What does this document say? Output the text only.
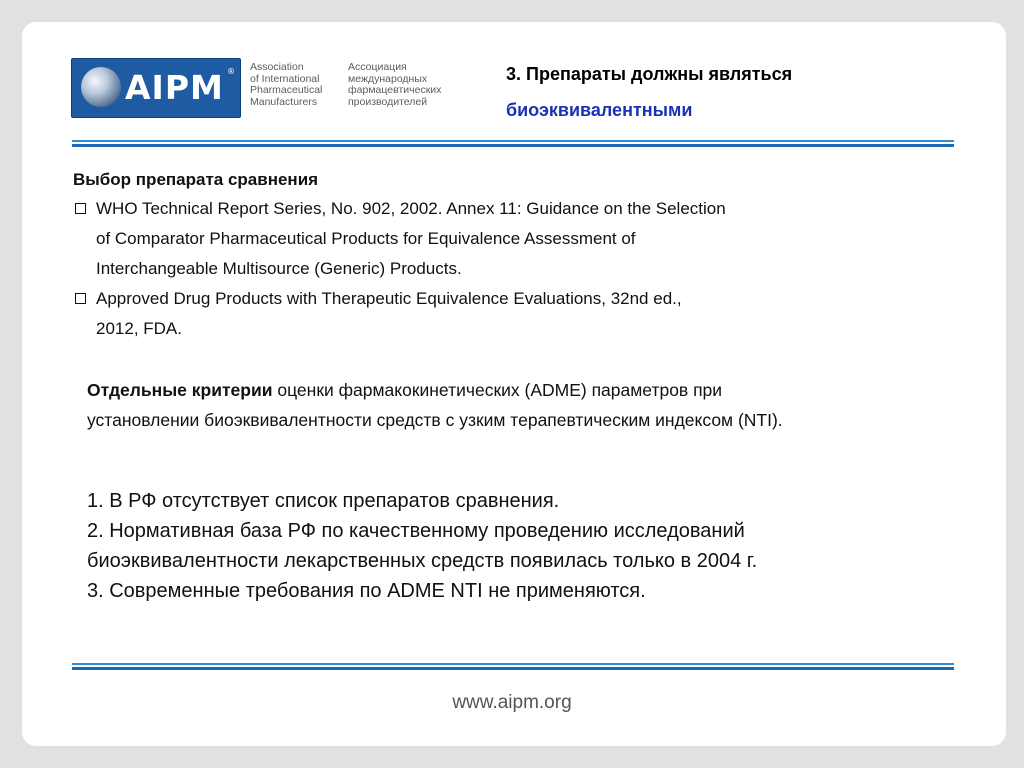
AIPM ® Association
of International
Pharmaceutical
Manufacturers
Ассоциация
международных
фармацевтических
производителей
3. Препараты должны являться
биоэквивалентными
Выбор препарата сравнения
WHO Technical Report Series, No. 902, 2002. Annex 11: Guidance on the Selection
of Comparator Pharmaceutical Products for Equivalence Assessment of
Interchangeable Multisource (Generic) Products.
Approved Drug Products with Therapeutic Equivalence Evaluations, 32nd ed.,
2012, FDA.
Отдельные критерии оценки фармакокинетических (ADME) параметров при
установлении биоэквивалентности средств с узким терапевтическим индексом (NTI).
1. В РФ отсутствует список препаратов сравнения.
2. Нормативная база РФ по качественному проведению исследований
биоэквивалентности лекарственных средств появилась только в 2004 г.
3. Современные требования по ADME NTI не применяются.
www.aipm.org
